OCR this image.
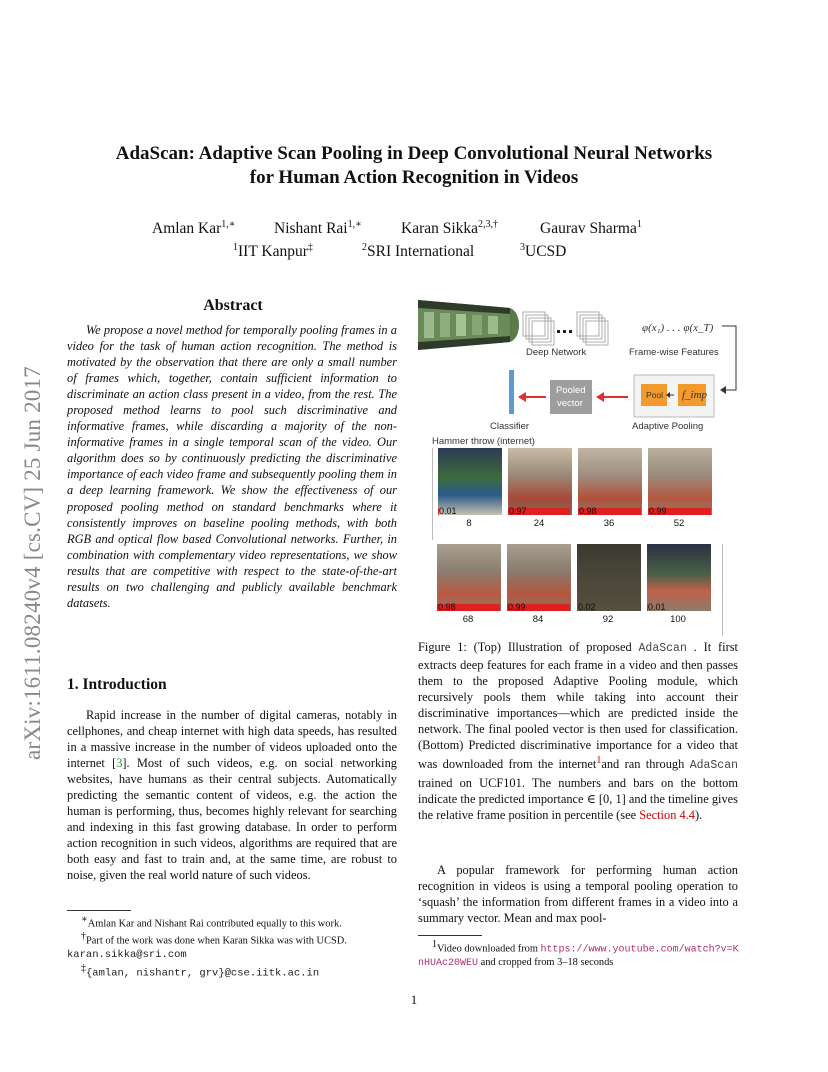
arXiv:1611.08240v4 [cs.CV] 25 Jun 2017
AdaScan: Adaptive Scan Pooling in Deep Convolutional Neural Networks
for Human Action Recognition in Videos
Amlan Kar$^{1,∗}$ Nishant Rai$^{1,∗}$	Karan Sikka$^{2,3,\dagger}$	Gaurav Sharma$^1$
$^1$IIT Kanpur‡	$^2$SRI International	$^3$UCSD
Abstract
We propose a novel method for temporally pooling frames in a video for the task of human action recognition. The method is motivated by the observation that there are only a small number of frames which, together, contain sufficient information to discriminate an action class present in a video, from the rest. The proposed method learns to pool such discriminative and informative frames, while discarding a majority of the non-informative frames in a single temporal scan of the video. Our algorithm does so by continuously predicting the discriminative importance of each video frame and subsequently pooling them in a deep learning framework. We show the effectiveness of our proposed pooling method on standard benchmarks where it consistently improves on baseline pooling methods, with both RGB and optical flow based Convolutional networks. Further, in combination with complementary video representations, we show results that are competitive with respect to the state-of-the-art results on two challenging and publicly available benchmark datasets.
1. Introduction
Rapid increase in the number of digital cameras, notably in cellphones, and cheap internet with high data speeds, has resulted in a massive increase in the number of videos uploaded onto the internet [3]. Most of such videos, e.g. on social networking websites, have humans as their central subjects. Automatically predicting the semantic content of videos, e.g. the action the human is performing, thus, becomes highly relevant for searching and indexing in this fast growing database. In order to perform action recognition in such videos, algorithms are required that are both easy and fast to train and, at the same time, are robust to noise, given the real world nature of such videos.
∗Amlan Kar and Nishant Rai contributed equally to this work.
†Part of the work was done when Karan Sikka was with UCSD. karan.sikka@sri.com
‡{amlan, nishantr, grv}@cse.iitk.ac.in
Deep Network
φ(x₁) . . . φ(x_T)
Frame-wise Features
Pooled
vector
Pool f_imp
Classifier	Adaptive Pooling
Hammer throw (internet)
0.01	0.97	0.98	0.99
8	24	36	52
0.98	0.99	0.02	0.01
68	84	92	100
Figure 1: (Top) Illustration of proposed AdaScan . It first extracts deep features for each frame in a video and then passes them to the proposed Adaptive Pooling module, which recursively pools them while taking into account their discriminative importances—which are predicted inside the network. The final pooled vector is then used for classification. (Bottom) Predicted discriminative importance for a video that was downloaded from the internet$^1$and ran through AdaScan trained on UCF101. The numbers and bars on the bottom indicate the predicted importance ∈ [0, 1] and the timeline gives the relative frame position in percentile (see Section 4.4).
A popular framework for performing human action recognition in videos is using a temporal pooling operation to ‘squash’ the information from different frames in a video into a summary vector. Mean and max pool-
$^1$Video downloaded from https://www.youtube.com/watch?v=KnHUAc20WEU and cropped from 3–18 seconds
1
